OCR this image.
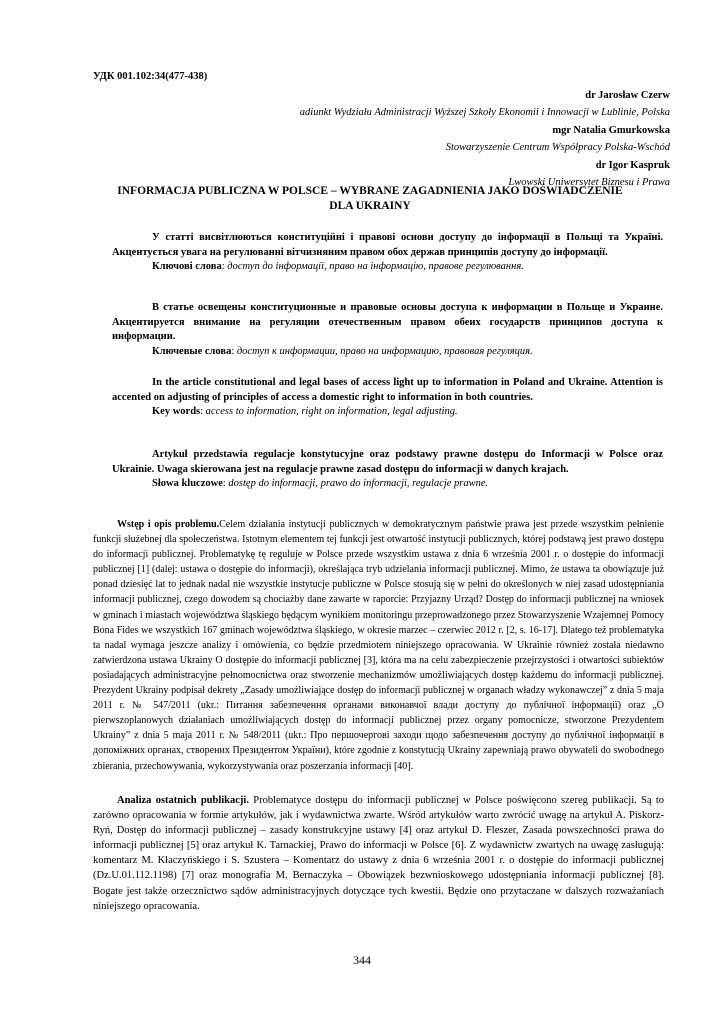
УДК 001.102:34(477-438)
dr Jarosław Czerw
adiunkt Wydziału Administracji Wyższej Szkoły Ekonomii i Innowacji w Lublinie, Polska
mgr Natalia Gmurkowska
Stowarzyszenie Centrum Współpracy Polska-Wschód
dr Igor Kaspruk
Lwowski Uniwersytet Biznesu i Prawa
INFORMACJA PUBLICZNA W POLSCE – WYBRANE ZAGADNIENIA JAKO DOŚWIADCZENIE DLA UKRAINY

У статті висвітлюються конституційні і правові основи доступу до інформації в Польщі та Україні. Акцентується увага на регулюванні вітчизняним правом обох держав принципів доступу до інформації.

Ключові слова: доступ до інформації, право на інформацію, правове регулювання.

В статье освещены конституционные и правовые основы доступа к информации в Польще и Украине. Акцентируется внимание на регуляции отечественным правом обеих государств принципов доступа к информации.

Ключевые слова: доступ к информации, право на информацию, правовая регуляция.

In the article constitutional and legal bases of access light up to information in Poland and Ukraine. Attention is accented on adjusting of principles of access a domestic right to information in both countries.

Key words: access to information, right on information, legal adjusting.

Artykuł przedstawia regulacje konstytucyjne oraz podstawy prawne dostępu do Informacji w Polsce oraz Ukrainie. Uwaga skierowana jest na regulacje prawne zasad dostępu do informacji w danych krajach.

Słowa kluczowe: dostęp do informacji, prawo do informacji, regulacje prawne.

Wstęp i opis problemu.Celem działania instytucji publicznych w demokratycznym państwie prawa jest przede wszystkim pełnienie funkcji służebnej dla społeczeństwa. Istotnym elementem tej funkcji jest otwartość instytucji publicznych, której podstawą jest prawo dostępu do informacji publicznej. Problematykę tę reguluje w Polsce przede wszystkim ustawa z dnia 6 września 2001 r. o dostępie do informacji publicznej [1] (dalej: ustawa o dostępie do informacji), określająca tryb udzielania informacji publicznej. Mimo, że ustawa ta obowiązuje już ponad dziesięć lat to jednak nadal nie wszystkie instytucje publiczne w Polsce stosują się w pełni do określonych w niej zasad udostępniania informacji publicznej, czego dowodem są chociażby dane zawarte w raporcie: Przyjazny Urząd? Dostęp do informacji publicznej na wniosek w gminach i miastach województwa śląskiego będącym wynikiem monitoringu przeprowadzonego przez Stowarzyszenie Wzajemnej Pomocy Bona Fides we wszystkich 167 gminach województwa śląskiego, w okresie marzec – czerwiec 2012 r. [2, s. 16-17]. Dlatego też problematyka ta nadal wymaga jeszcze analizy i omówienia, co będzie przedmiotem niniejszego opracowania. W Ukrainie również została niedawno zatwierdzona ustawa Ukrainy O dostępie do informacji publicznej [3], która ma na celu zabezpieczenie przejrzystości i otwartości subiektów posiadających administracyjne pełnomocnictwa oraz stworzenie mechanizmów umożliwiających dostęp każdemu do informacji publicznej. Prezydent Ukrainy podpisał dekrety „Zasady umożliwiające dostęp do informacji publicznej w organach władzy wykonawczej” z dnia 5 maja 2011 r. № 547/2011 (ukr.: Питання забезпечення органами виконавчої влади доступу до публічної інформації) oraz „O pierwszoplanowych działaniach umożliwiających dostęp do informacji publicznej przez organy pomocnicze, stworzone Prezydentem Ukrainy” z dnia 5 maja 2011 r. № 548/2011 (ukr.: Про першочергові заходи щодо забезпечення доступу до публічної інформації в допоміжних органах, створених Президентом України), które zgodnie z konstytucją Ukrainy zapewniają prawo obywateli do swobodnego zbierania, przechowywania, wykorzystywania oraz poszerzania informacji [40].

Analiza ostatnich publikacji. Problematyce dostępu do informacji publicznej w Polsce poświęcono szereg publikacji. Są to zarówno opracowania w formie artykułów, jak i wydawnictwa zwarte. Wśród artykułów warto zwrócić uwagę na artykuł A. Piskorz-Ryń, Dostęp do informacji publicznej – zasady konstrukcyjne ustawy [4] oraz artykuł D. Fleszer, Zasada powszechności prawa do informacji publicznej [5] oraz artykuł K. Tarnackiej, Prawo do informacji w Polsce [6]. Z wydawnictw zwartych na uwagę zasługują: komentarz M. Kłaczyńskiego i S. Szustera – Komentarz do ustawy z dnia 6 września 2001 r. o dostępie do informacji publicznej (Dz.U.01.112.1198) [7] oraz monografia M. Bernaczyka – Obowiązek bezwnioskowego udostępniania informacji publicznej [8]. Bogate jest także orzecznictwo sądów administracyjnych dotyczące tych kwestii. Będzie ono przytaczane w dalszych rozważaniach niniejszego opracowania.

344
